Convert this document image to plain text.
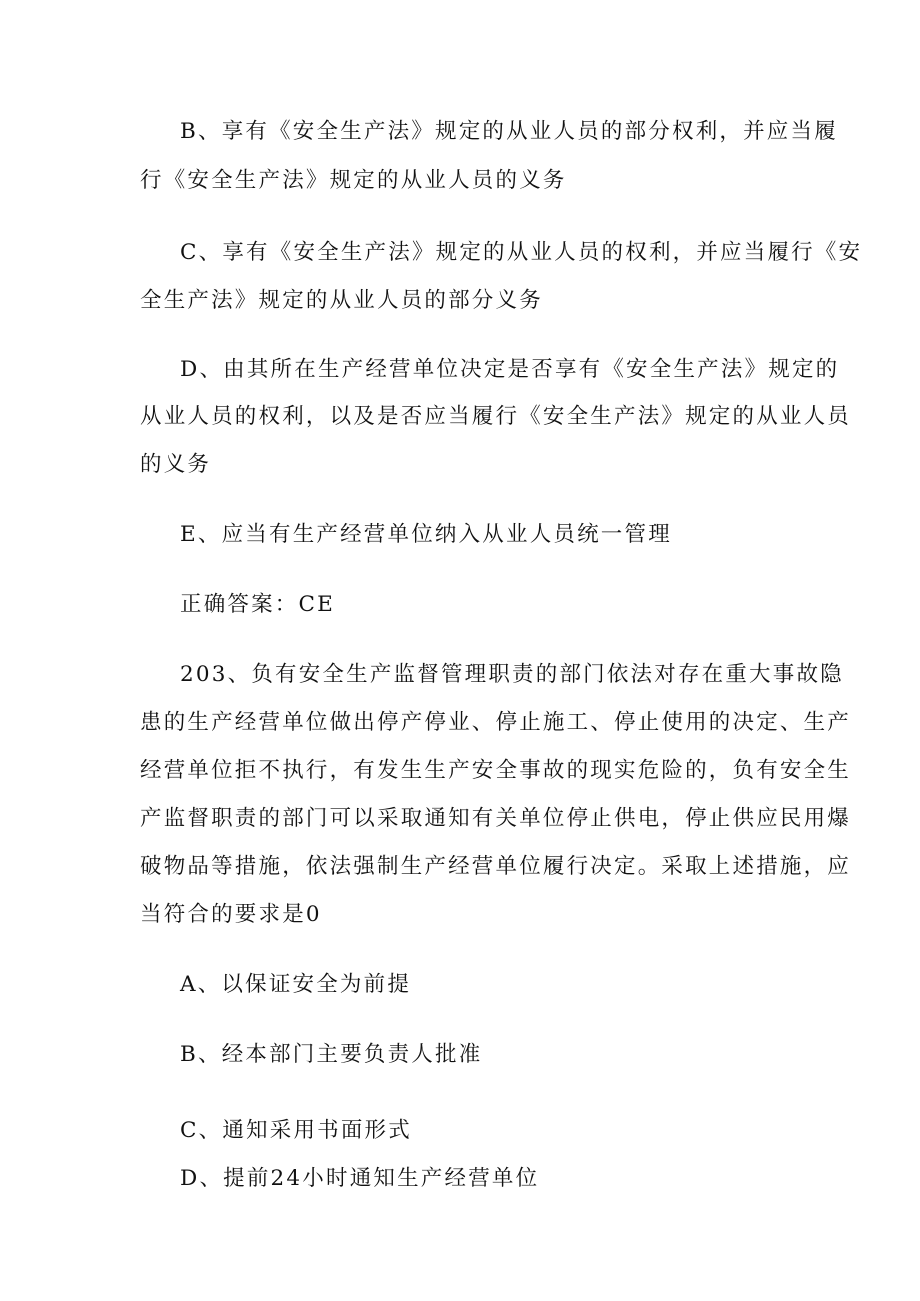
B、享有《安全生产法》规定的从业人员的部分权利，并应当履
行《安全生产法》规定的从业人员的义务
C、享有《安全生产法》规定的从业人员的权利，并应当履行《安
全生产法》规定的从业人员的部分义务
D、由其所在生产经营单位决定是否享有《安全生产法》规定的
从业人员的权利，以及是否应当履行《安全生产法》规定的从业人员
的义务
E、应当有生产经营单位纳入从业人员统一管理
正确答案：CE
203、负有安全生产监督管理职责的部门依法对存在重大事故隐
患的生产经营单位做出停产停业、停止施工、停止使用的决定、生产
经营单位拒不执行，有发生生产安全事故的现实危险的，负有安全生
产监督职责的部门可以采取通知有关单位停止供电，停止供应民用爆
破物品等措施，依法强制生产经营单位履行决定。采取上述措施，应
当符合的要求是0
A、以保证安全为前提
B、经本部门主要负责人批准
C、通知采用书面形式
D、提前24小时通知生产经营单位
